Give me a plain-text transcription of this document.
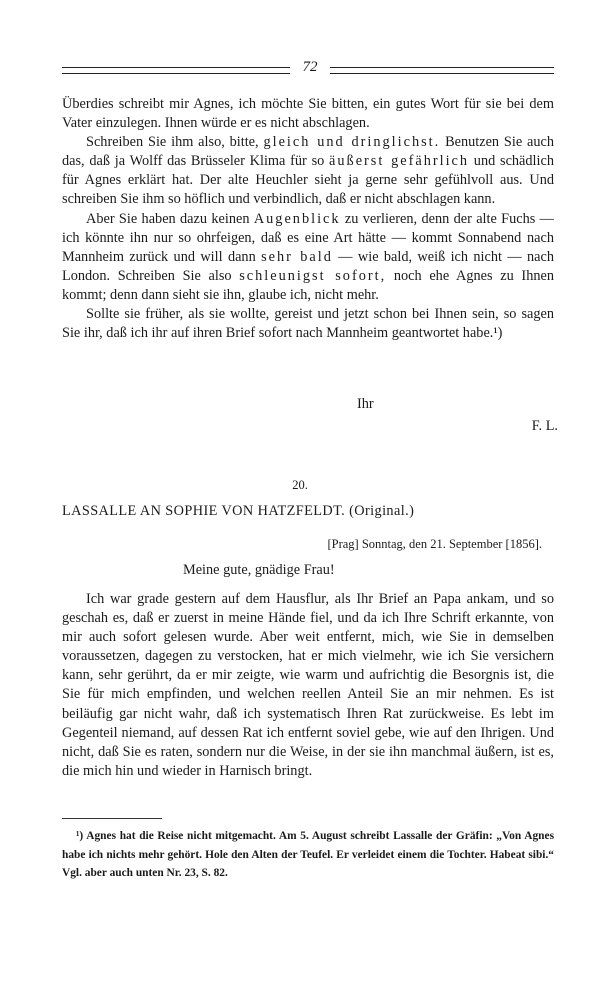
72

Überdies schreibt mir Agnes, ich möchte Sie bitten, ein gutes Wort für sie bei dem Vater einzulegen. Ihnen würde er es nicht abschlagen.

Schreiben Sie ihm also, bitte, gleich und dringlichst. Benutzen Sie auch das, daß ja Wolff das Brüsseler Klima für so äußerst gefährlich und schädlich für Agnes erklärt hat. Der alte Heuchler sieht ja gerne sehr gefühlvoll aus. Und schreiben Sie ihm so höflich und verbindlich, daß er nicht abschlagen kann.

Aber Sie haben dazu keinen Augenblick zu verlieren, denn der alte Fuchs — ich könnte ihn nur so ohrfeigen, daß es eine Art hätte — kommt Sonnabend nach Mannheim zurück und will dann sehr bald — wie bald, weiß ich nicht — nach London. Schreiben Sie also schleunigst sofort, noch ehe Agnes zu Ihnen kommt; denn dann sieht sie ihn, glaube ich, nicht mehr.

Sollte sie früher, als sie wollte, gereist und jetzt schon bei Ihnen sein, so sagen Sie ihr, daß ich ihr auf ihren Brief sofort nach Mannheim geantwortet habe.¹)

Ihr
F. L.
20.
LASSALLE AN SOPHIE VON HATZFELDT. (Original.)
[Prag] Sonntag, den 21. September [1856].
Meine gute, gnädige Frau!

Ich war grade gestern auf dem Hausflur, als Ihr Brief an Papa ankam, und so geschah es, daß er zuerst in meine Hände fiel, und da ich Ihre Schrift erkannte, von mir auch sofort gelesen wurde. Aber weit entfernt, mich, wie Sie in demselben voraussetzen, dagegen zu verstocken, hat er mich vielmehr, wie ich Sie versichern kann, sehr gerührt, da er mir zeigte, wie warm und aufrichtig die Besorgnis ist, die Sie für mich empfinden, und welchen reellen Anteil Sie an mir nehmen. Es ist beiläufig gar nicht wahr, daß ich systematisch Ihren Rat zurückweise. Es lebt im Gegenteil niemand, auf dessen Rat ich entfernt soviel gebe, wie auf den Ihrigen. Und nicht, daß Sie es raten, sondern nur die Weise, in der sie ihn manchmal äußern, ist es, die mich hin und wieder in Harnisch bringt.

¹) Agnes hat die Reise nicht mitgemacht. Am 5. August schreibt Lassalle der Gräfin: „Von Agnes habe ich nichts mehr gehört. Hole den Alten der Teufel. Er verleidet einem die Tochter. Habeat sibi.“ Vgl. aber auch unten Nr. 23, S. 82.
